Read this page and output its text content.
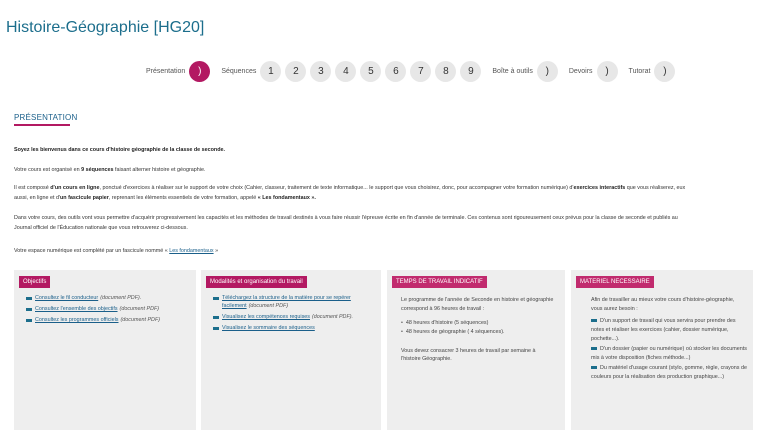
Histoire-Géographie [HG20]
Présentation	)	Séquences	1	2	3	4	5	6	7	8	9	Boîte à outils	)	Devoirs	)	Tutorat	)
PRÉSENTATION
Soyez les bienvenus dans ce cours d'histoire géographie de la classe de seconde.
Votre cours est organisé en 9 séquences faisant alterner histoire et géographie.
Il est composé d'un cours en ligne, ponctué d'exercices à réaliser sur le support de votre choix (Cahier, classeur, traitement de texte informatique... le support que vous choisirez, donc, pour accompagner votre formation numérique) d'exercices interactifs que vous réaliserez, eux
aussi, en ligne et d'un fascicule papier, reprenant les éléments essentiels de votre formation, appelé « Les fondamentaux ».
Dans votre cours, des outils vont vous permettre d'acquérir progressivement les capacités et les méthodes de travail destinés à vous faire réussir l'épreuve écrite en fin d'année de terminale. Ces contenus sont rigoureusement ceux prévus pour la classe de seconde et publiés au
Journal officiel de l'Éducation nationale que vous retrouverez ci-dessous.
Votre espace numérique est complété par un fascicule nommé « Les fondamentaux »
Objectifs
Consultez le fil conducteur (document PDF).
Consultez l'ensemble des objectifs (document PDF)
Consultez les programmes officiels (document PDF)
Modalités et organisation du travail
Téléchargez la structure de la matière pour se repérer facilement (document PDF)
Visualisez les compétences requises (document PDF).
Visualisez le sommaire des séquences
TEMPS DE TRAVAIL INDICATIF
Le programme de l'année de Seconde en histoire et géographie correspond à 96 heures de travail :
• 48 heures d'histoire (5 séquences)
• 48 heures de géographie ( 4 séquences).
Vous devez consacrer 3 heures de travail par semaine à l'histoire Géographie.
MATERIEL NECESSAIRE
Afin de travailler au mieux votre cours d'histoire-géographie, vous aurez besoin :
D'un support de travail qui vous servira pour prendre des notes et réaliser les exercices (cahier, dossier numérique, pochette...).
D'un dossier (papier ou numérique) où stocker les documents mis à votre disposition (fiches méthode...)
Du matériel d'usage courant (stylo, gomme, règle, crayons de couleurs pour la réalisation des production graphique...)
